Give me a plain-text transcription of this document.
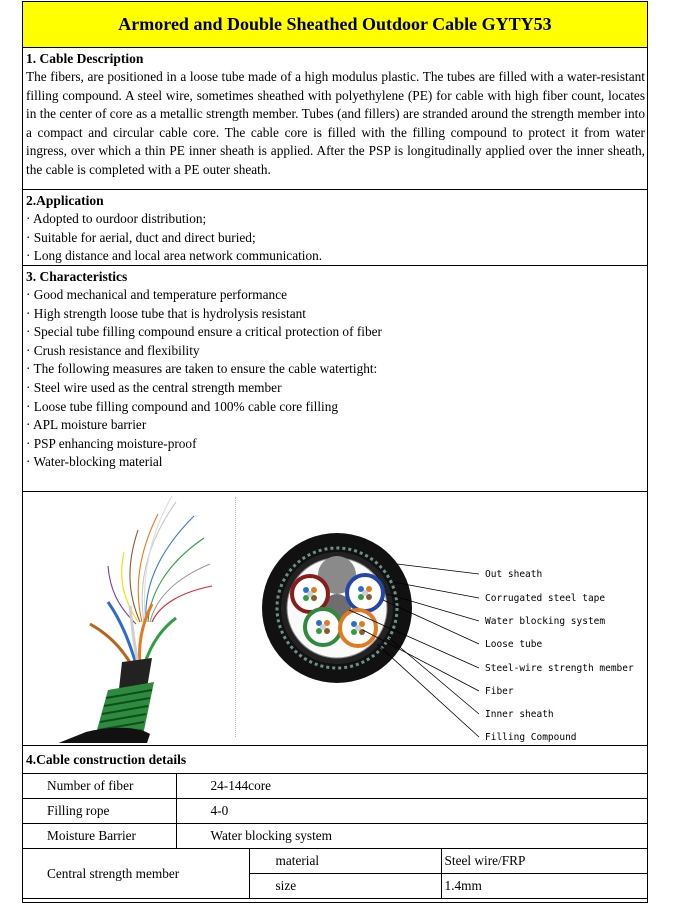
Armored and Double Sheathed Outdoor Cable GYTY53
1. Cable Description
The fibers, are positioned in a loose tube made of a high modulus plastic. The tubes are filled with a water-resistant filling compound. A steel wire, sometimes sheathed with polyethylene (PE) for cable with high fiber count, locates in the center of core as a metallic strength member. Tubes (and fillers) are stranded around the strength member into a compact and circular cable core. The cable core is filled with the filling compound to protect it from water ingress, over which a thin PE inner sheath is applied. After the PSP is longitudinally applied over the inner sheath, the cable is completed with a PE outer sheath.
2.Application
· Adopted to ourdoor distribution;
· Suitable for aerial, duct and direct buried;
· Long distance and local area network communication.
3. Characteristics
· Good mechanical and temperature performance
· High strength loose tube that is hydrolysis resistant
· Special tube filling compound ensure a critical protection of fiber
· Crush resistance and flexibility
· The following measures are taken to ensure the cable watertight:
· Steel wire used as the central strength member
· Loose tube filling compound and 100% cable core filling
· APL moisture barrier
· PSP enhancing moisture-proof
· Water-blocking material
Cable
Out sheath
Corrugated steel tape
Water blocking system
Loose tube
Steel-wire strength member
Fiber
Inner sheath
Filling Compound
4.Cable construction details
Number of fiber	24-144core		
Filling rope	4-0		
Moisture Barrier	Water blocking system		
Central strength member		material	Steel wire/FRP
		size	1.4mm
